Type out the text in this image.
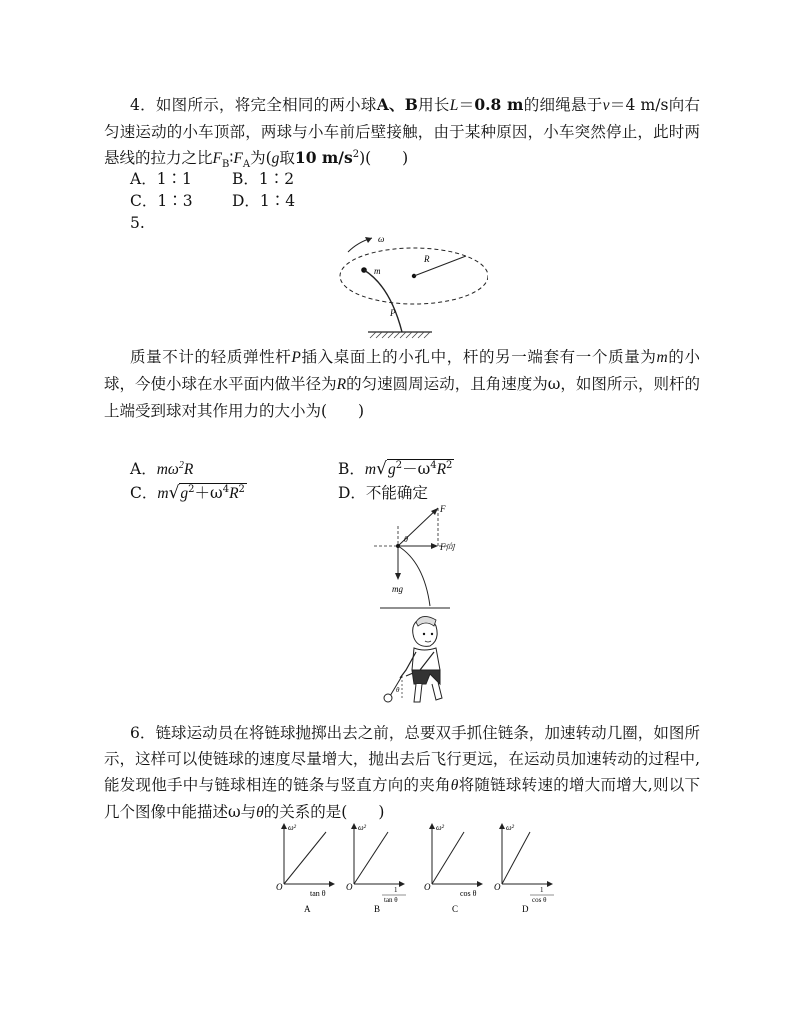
4．如图所示，将完全相同的两小球A、B用长L＝0.8 m的细绳悬于v＝4 m/s向右匀速运动的小车顶部，两球与小车前后壁接触，由于某种原因，小车突然停止，此时两悬线的拉力之比$F_B∶F_A$为(g取10 $m/s^2$)(　　)
A．1∶1	B．1∶2
C．1∶3	D．1∶4
5.
ω
m
R
P
质量不计的轻质弹性杆P插入桌面上的小孔中，杆的另一端套有一个质量为m的小球，今使小球在水平面内做半径为R的匀速圆周运动，且角速度为ω，如图所示，则杆的上端受到球对其作用力的大小为(　　)
A．$m\omega^2R$	B．$m√g^2-\omega^4R^2$
C．$m√g^2+\omega^4R^2$	D．不能确定
F
F向
mg
θ
θ
6．链球运动员在将链球抛掷出去之前，总要双手抓住链条，加速转动几圈，如图所示，这样可以使链球的速度尽量增大，抛出去后飞行更远，在运动员加速转动的过程中,能发现他手中与链球相连的链条与竖直方向的夹角θ将随链球转速的增大而增大,则以下几个图像中能描述ω与θ的关系的是(　　)
ω²
O
tan θ
A
ω²
O	1
tan θ
B
ω²
O
cos θ
C
ω²
O	1
cos θ
D
